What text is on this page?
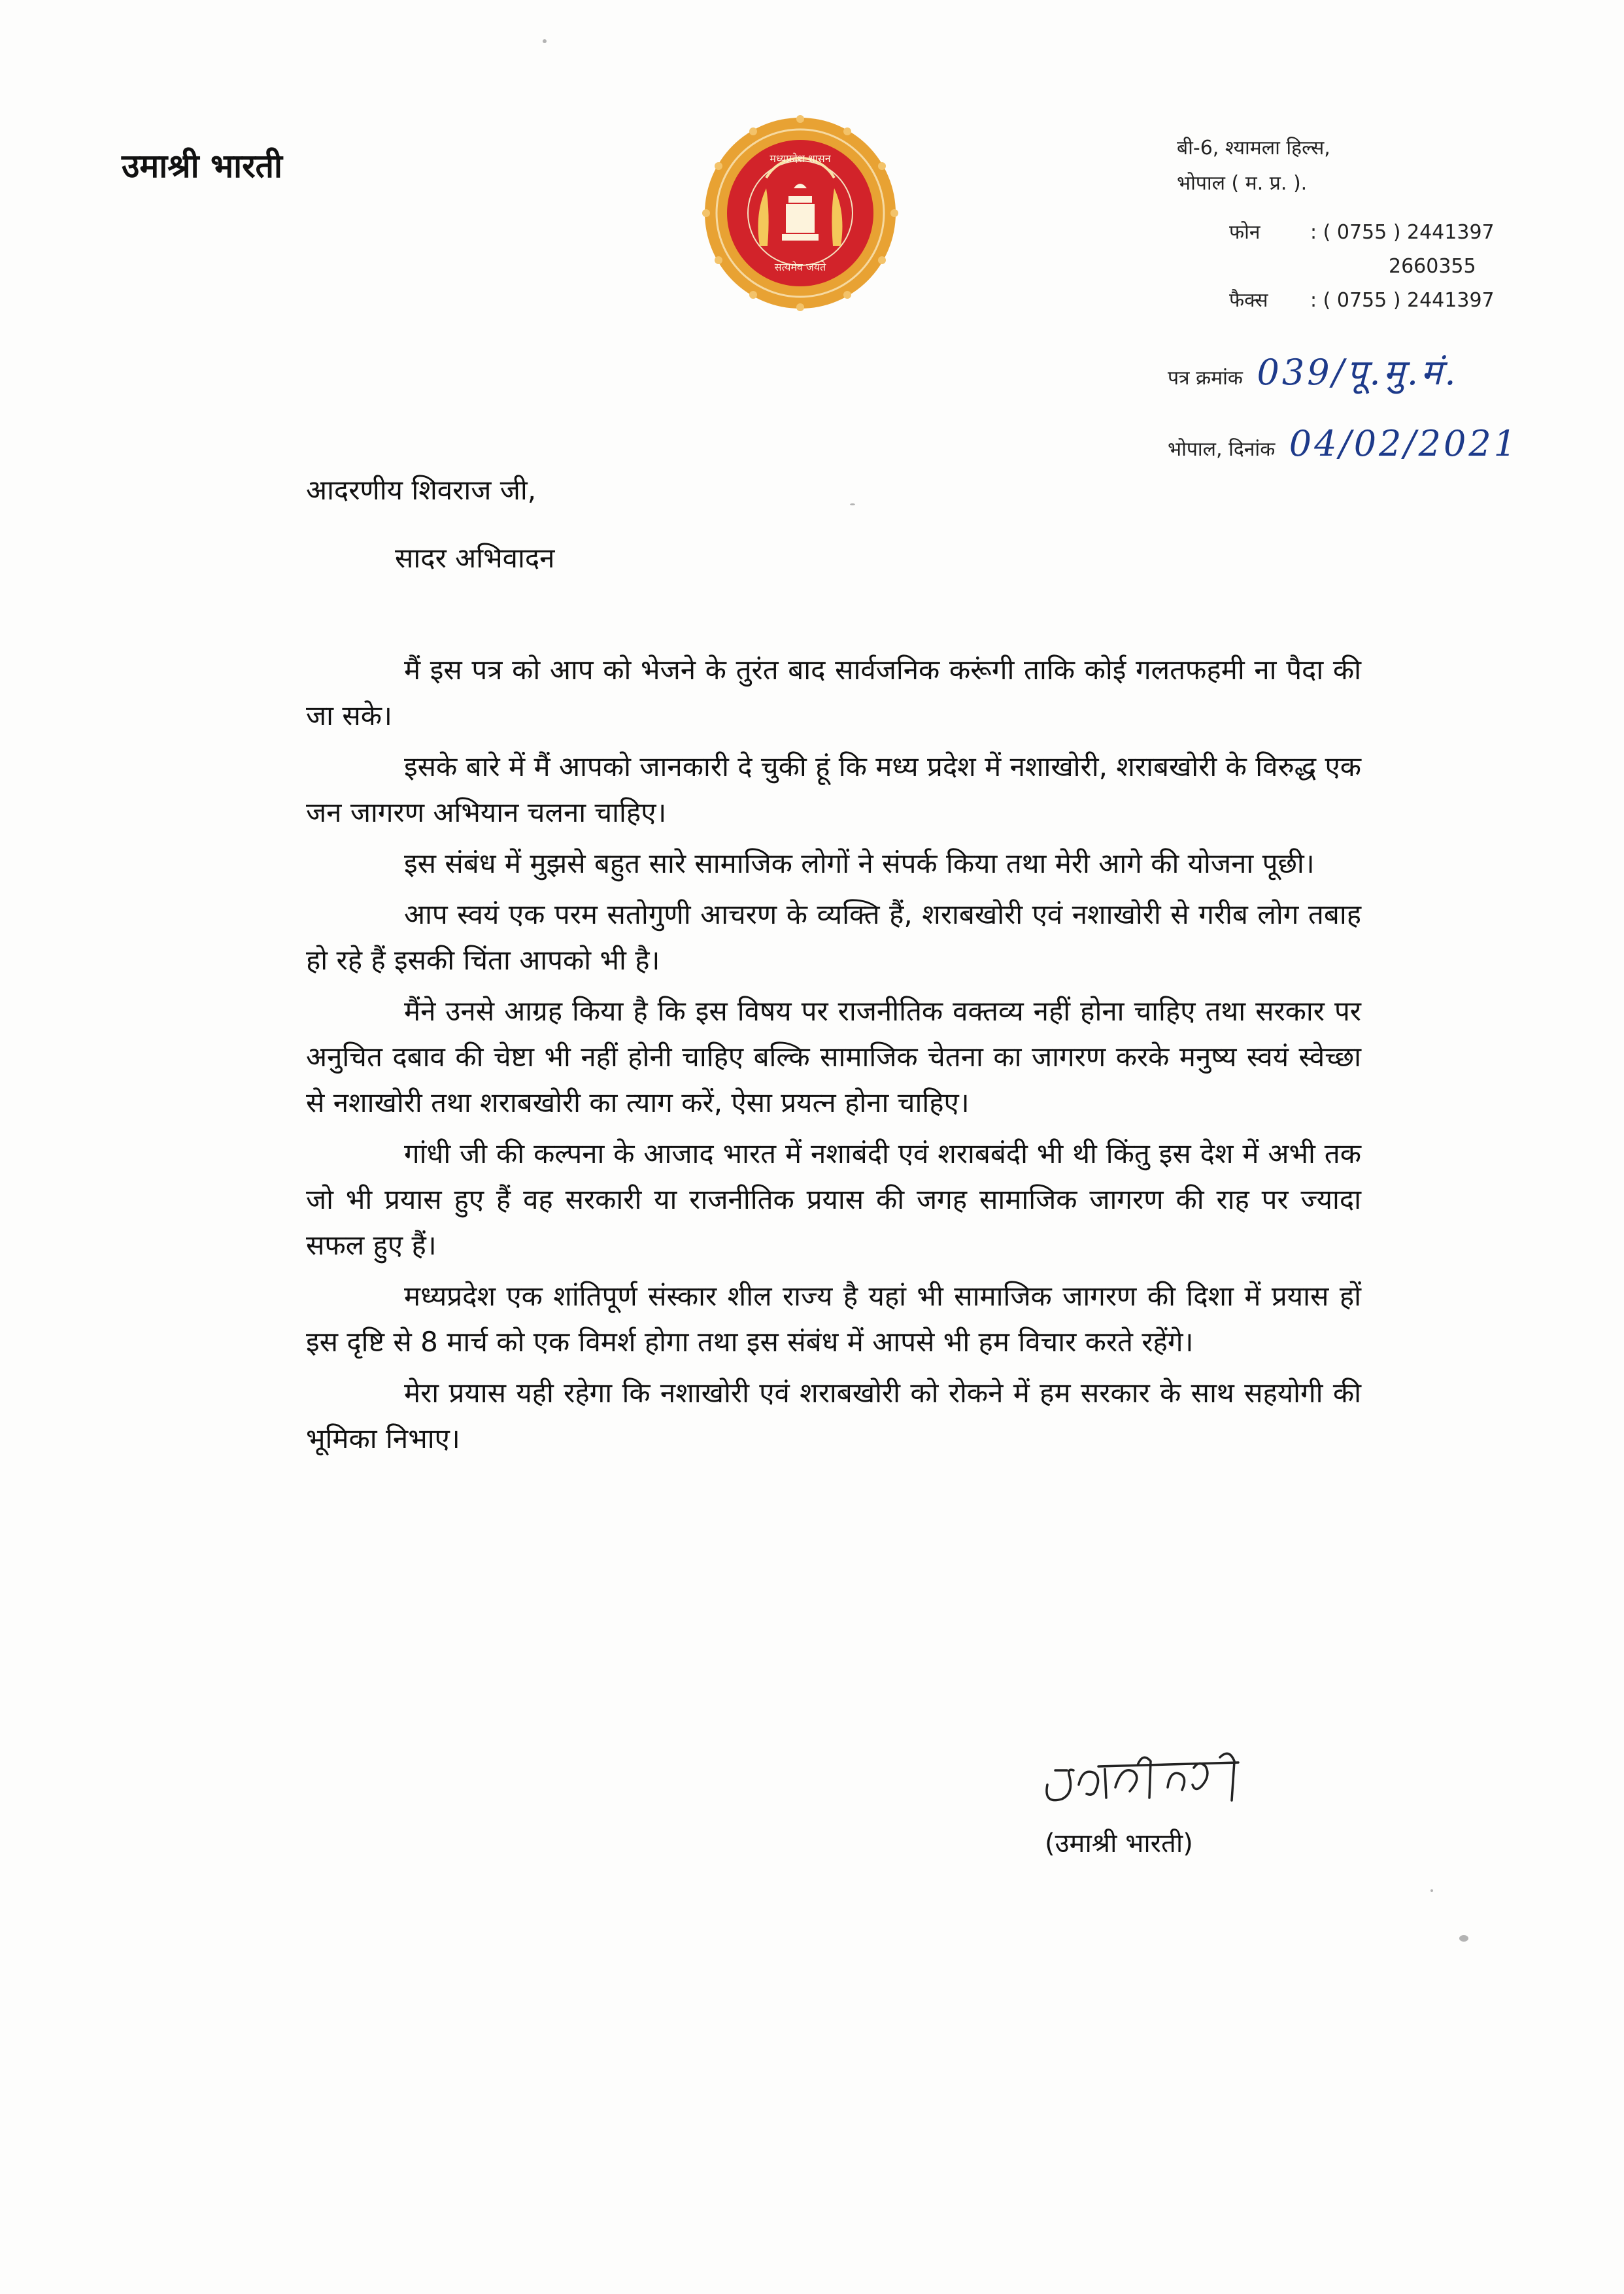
उमाश्री भारती
सत्यमेव जयते
मध्यप्रदेश शासन	बी-6, श्यामला हिल्स,
भोपाल ( म. प्र. ).
फोन	: ( 0755 ) 2441397
2660355
फैक्स : ( 0755 ) 2441397
पत्र क्रमांक 039/पू.मु.मं.
भोपाल, दिनांक 04/02/2021
आदरणीय शिवराज जी,
सादर अभिवादन

मैं इस पत्र को आप को भेजने के तुरंत बाद सार्वजनिक करूंगी ताकि कोई गलतफहमी ना पैदा की जा सके।

इसके बारे में मैं आपको जानकारी दे चुकी हूं कि मध्य प्रदेश में नशाखोरी, शराबखोरी के विरुद्ध एक जन जागरण अभियान चलना चाहिए।

इस संबंध में मुझसे बहुत सारे सामाजिक लोगों ने संपर्क किया तथा मेरी आगे की योजना पूछी।

आप स्वयं एक परम सतोगुणी आचरण के व्यक्ति हैं, शराबखोरी एवं नशाखोरी से गरीब लोग तबाह हो रहे हैं इसकी चिंता आपको भी है।

मैंने उनसे आग्रह किया है कि इस विषय पर राजनीतिक वक्तव्य नहीं होना चाहिए तथा सरकार पर अनुचित दबाव की चेष्टा भी नहीं होनी चाहिए बल्कि सामाजिक चेतना का जागरण करके मनुष्य स्वयं स्वेच्छा से नशाखोरी तथा शराबखोरी का त्याग करें, ऐसा प्रयत्न होना चाहिए।

गांधी जी की कल्पना के आजाद भारत में नशाबंदी एवं शराबबंदी भी थी किंतु इस देश में अभी तक जो भी प्रयास हुए हैं वह सरकारी या राजनीतिक प्रयास की जगह सामाजिक जागरण की राह पर ज्यादा सफल हुए हैं।

मध्यप्रदेश एक शांतिपूर्ण संस्कार शील राज्य है यहां भी सामाजिक जागरण की दिशा में प्रयास हों इस दृष्टि से 8 मार्च को एक विमर्श होगा तथा इस संबंध में आपसे भी हम विचार करते रहेंगे।

मेरा प्रयास यही रहेगा कि नशाखोरी एवं शराबखोरी को रोकने में हम सरकार के साथ सहयोगी की भूमिका निभाए।

(उमाश्री भारती)
